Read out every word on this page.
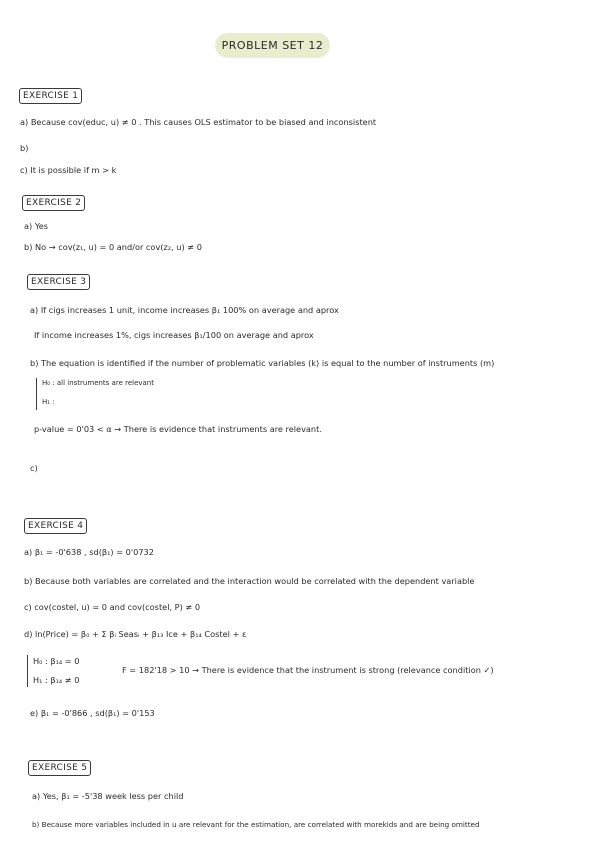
PROBLEM SET 12
EXERCISE 1
a) Because cov(educ, u) ≠ 0 . This causes OLS estimator to be biased and inconsistent
b)
c) It is possible if m > k
EXERCISE 2
a) Yes
b) No → cov(z₁, u) = 0 and/or cov(z₂, u) ≠ 0
EXERCISE 3
a) If cigs increases 1 unit, income increases β₁ 100% on average and aprox
If income increases 1%, cigs increases β₁/100 on average and aprox
b) The equation is identified if the number of problematic variables (k) is equal to the number of instruments (m)
H₀ : all instruments are relevant
H₁ :
p-value = 0'03 < α → There is evidence that instruments are relevant.
c)
EXERCISE 4
a) β₁ = -0'638 , sd(β₁) = 0'0732
b) Because both variables are correlated and the interaction would be correlated with the dependent variable
c) cov(costel, u) = 0 and cov(costel, P) ≠ 0
d) ln(Price) = β₀ + Σ βᵢ Seasᵢ + β₁₃ Ice + β₁₄ Costel + ε
H₀ : β₁₄ = 0
H₁ : β₁₄ ≠ 0
F = 182'18 > 10 → There is evidence that the instrument is strong (relevance condition ✓)
e) β₁ = -0'866 , sd(β₁) = 0'153
EXERCISE 5
a) Yes, β₁ = -5'38 week less per child
b) Because more variables included in u are relevant for the estimation, are correlated with morekids and are being omitted
